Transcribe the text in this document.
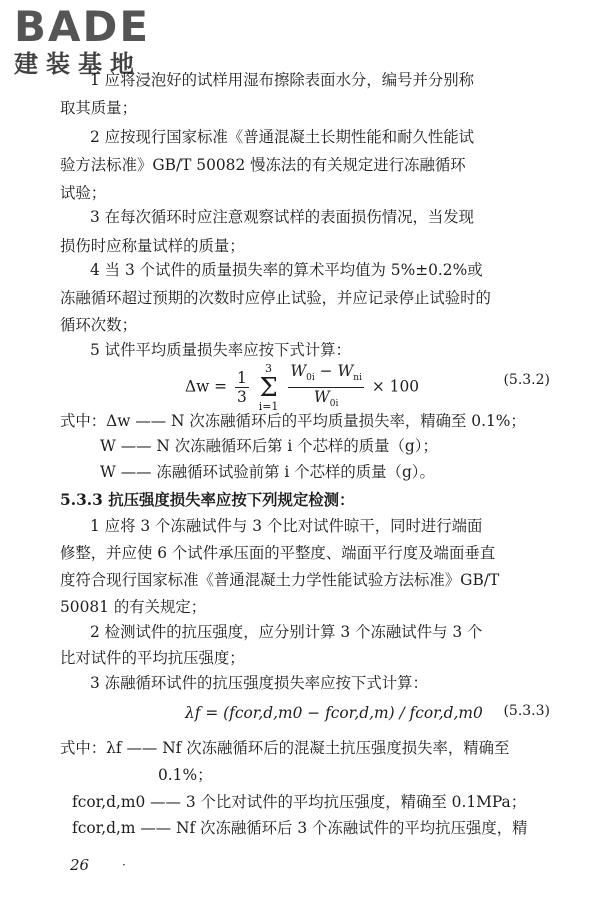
BADE
建装基地
1 应将浸泡好的试样用湿布擦除表面水分，编号并分别称
取其质量；
2 应按现行国家标准《普通混凝土长期性能和耐久性能试
验方法标准》GB/T 50082 慢冻法的有关规定进行冻融循环
试验；
3 在每次循环时应注意观察试样的表面损伤情况，当发现
损伤时应称量试样的质量；
4 当 3 个试件的质量损失率的算术平均值为 5%±0.2%或
冻融循环超过预期的次数时应停止试验，并应记录停止试验时的
循环次数；
5 试件平均质量损失率应按下式计算：
$\Delta w = \frac{1}{3}$

3
Σ
i=1
$\frac{W_{0i} - W_{ni}}{W_{0i}} \times 100$	(5.3.2)
式中：Δw —— N 次冻融循环后的平均质量损失率，精确至 0.1%；
W —— N 次冻融循环后第 i 个芯样的质量（g）；
W —— 冻融循环试验前第 i 个芯样的质量（g）。
5.3.3 抗压强度损失率应按下列规定检测：
1 应将 3 个冻融试件与 3 个比对试件晾干，同时进行端面
修整，并应使 6 个试件承压面的平整度、端面平行度及端面垂直
度符合现行国家标准《普通混凝土力学性能试验方法标准》GB/T
50081 的有关规定；
2 检测试件的抗压强度，应分别计算 3 个冻融试件与 3 个
比对试件的平均抗压强度；
3 冻融循环试件的抗压强度损失率应按下式计算：
λf = (fcor,d,m0 − fcor,d,m) / fcor,d,m0 (5.3.3)
式中：λf —— Nf 次冻融循环后的混凝土抗压强度损失率，精确至
0.1%；
fcor,d,m0 —— 3 个比对试件的平均抗压强度，精确至 0.1MPa；
fcor,d,m —— Nf 次冻融循环后 3 个冻融试件的平均抗压强度，精
26	·
